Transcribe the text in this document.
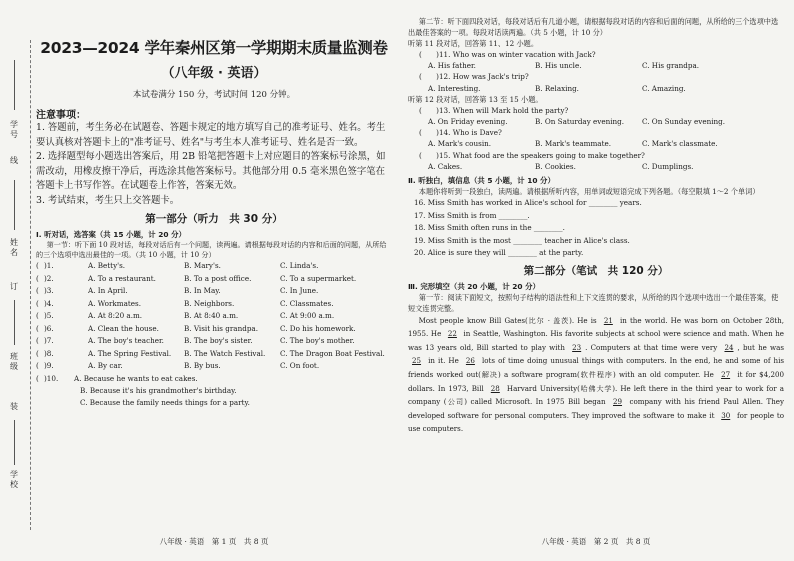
学号
线
姓名
订
班级
装
学校
2023—2024 学年秦州区第一学期期末质量监测卷
（八年级 · 英语）
本试卷满分 150 分，考试时间 120 分钟。
注意事项：
1. 答题前，考生务必在试题卷、答题卡规定的地方填写自己的准考证号、姓名。考生要认真核对答题卡上的"准考证号、姓名"与考生本人准考证号、姓名是否一致。
2. 选择题型每小题选出答案后，用 2B 铅笔把答题卡上对应题目的答案标号涂黑，如需改动，用橡皮擦干净后，再选涂其他答案标号。其他部分用 0.5 毫米黑色签字笔在答题卡上书写作答。在试题卷上作答，答案无效。
3. 考试结束，考生只上交答题卡。
第一部分（听力　共 30 分）
Ⅰ. 听对话，选答案（共 15 小题，计 20 分）
第一节：听下面 10 段对话，每段对话后有一个问题，读两遍。请根据每段对话的内容和后面的问题，从所给的三个选项中选出最佳的一项。（共 10 小题，计 10 分）
( )1.	A. Betty's.	B. Mary's.	C. Linda's.
( )2.	A. To a restaurant.	B. To a post office.	C. To a supermarket.
( )3.	A. In April.	B. In May.	C. In June.
( )4.	A. Workmates.	B. Neighbors.	C. Classmates.
( )5.	A. At 8:20 a.m.	B. At 8:40 a.m.	C. At 9:00 a.m.
( )6.	A. Clean the house.	B. Visit his grandpa.	C. Do his homework.
( )7.	A. The boy's teacher.	B. The boy's sister.	C. The boy's mother.
( )8.	A. The Spring Festival.	B. The Watch Festival.	C. The Dragon Boat Festival.
( )9.	A. By car.	B. By bus.	C. On foot.
( )10.	A. Because he wants to eat cakes.
B. Because it's his grandmother's birthday.
C. Because the family needs things for a party.
八年级 · 英语　第 1 页　共 8 页
第二节：听下面四段对话，每段对话后有几道小题，请根据每段对话的内容和后面的问题，从所给的三个选项中选出最佳答案的一项。每段对话读两遍。（共 5 小题，计 10 分）
听第 11 段对话，回答第 11、12 小题。
(　　)11. Who was on winter vacation with Jack?
A. His father.	B. His uncle.	C. His grandpa.
(　　)12. How was Jack's trip?
A. Interesting.	B. Relaxing.	C. Amazing.
听第 12 段对话，回答第 13 至 15 小题。
(　　)13. When will Mark hold the party?
A. On Friday evening.	B. On Saturday evening.	C. On Sunday evening.
(　　)14. Who is Dave?
A. Mark's cousin.	B. Mark's teammate.	C. Mark's classmate.
(　　)15. What food are the speakers going to make together?
A. Cakes.	B. Cookies.	C. Dumplings.
Ⅱ. 听独白，填信息（共 5 小题，计 10 分）
本题你将听到一段独白，读两遍。请根据所听内容，用单词或短语完成下列各题。（每空限填 1～2 个单词）
16. Miss Smith has worked in Alice's school for ________ years.
17. Miss Smith is from ________.
18. Miss Smith often runs in the ________.
19. Miss Smith is the most ________ teacher in Alice's class.
20. Alice is sure they will ________ at the party.
第二部分（笔试　共 120 分）
Ⅲ. 完形填空（共 20 小题，计 20 分）
第一节：阅读下面短文，按照句子结构的语法性和上下文连贯的要求，从所给的四个选项中选出一个最佳答案，使短文连贯完整。
Most people know Bill Gates(比尔 · 盖茨). He is 21 in the world. He was born on October 28th, 1955. He 22 in Seattle, Washington. His favorite subjects at school were science and math. When he was 13 years old, Bill started to play with 23 . Computers at that time were very 24 , but he was 25 in it. He 26 lots of time doing unusual things with computers. In the end, he and some of his friends worked out(解决) a software program(软件程序) with an old computer. He 27 it for $4,200 dollars. In 1973, Bill 28 Harvard University(哈佛大学). He left there in the third year to work for a company (公司) called Microsoft. In 1975 Bill began 29 company with his friend Paul Allen. They developed software for personal computers. They improved the software to make it 30 for people to use computers.
八年级 · 英语　第 2 页　共 8 页
